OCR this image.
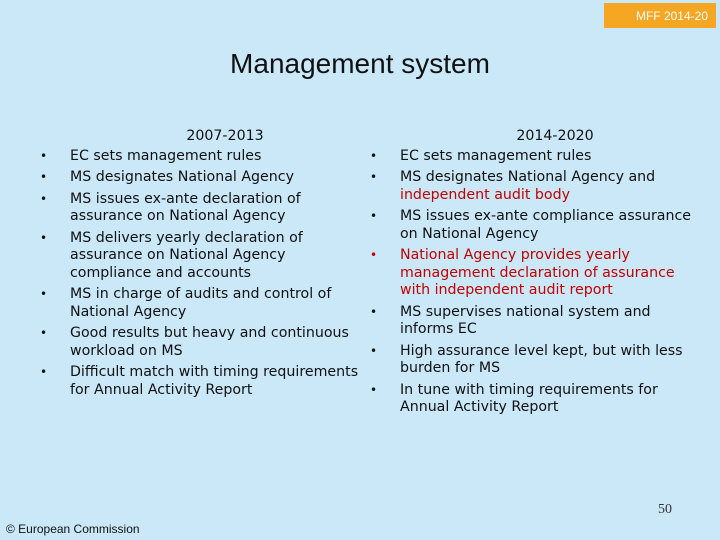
MFF 2014-20
Management system
2007-2013
•	EC sets management rules
•	MS designates National Agency
•	MS issues ex-ante declaration of assurance on National Agency
•	MS delivers yearly declaration of assurance on National Agency compliance and accounts
•	MS in charge of audits and control of National Agency
•	Good results but heavy and continuous workload on MS
•	Difficult match with timing requirements for Annual Activity Report
2014-2020
•	EC sets management rules
•	MS designates National Agency and
independent audit body
•	MS issues ex-ante compliance assurance on National Agency
•	National Agency provides yearly management declaration of assurance with independent audit report
•	MS supervises national system and informs EC
•	High assurance level kept, but with less burden for MS
•	In tune with timing requirements for Annual Activity Report
50
© European Commission
